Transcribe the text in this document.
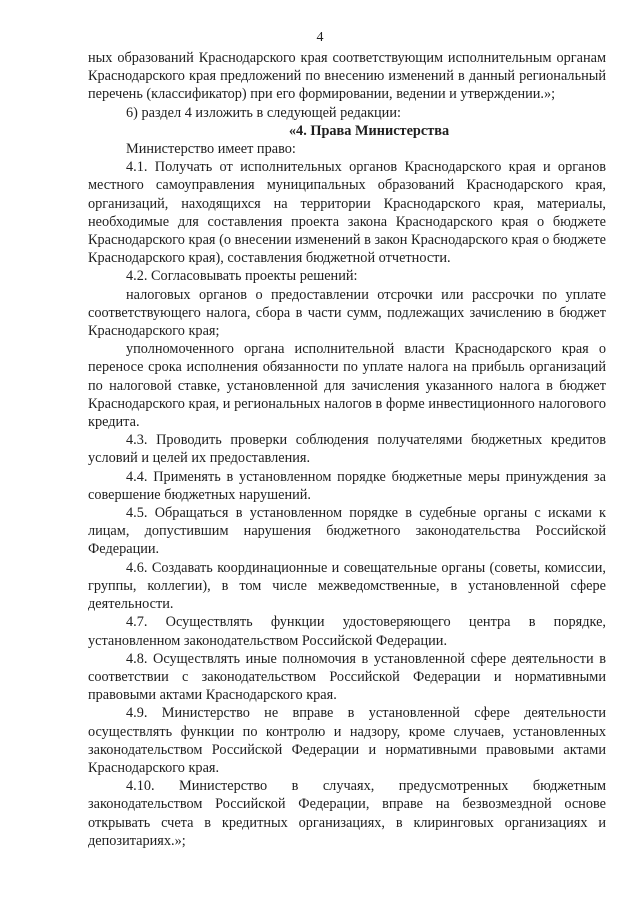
4

ных образований Краснодарского края соответствующим исполнительным органам Краснодарского края предложений по внесению изменений в данный региональный перечень (классификатор) при его формировании, ведении и утверждении.»;

6) раздел 4 изложить в следующей редакции:

«4. Права Министерства

Министерство имеет право:

4.1. Получать от исполнительных органов Краснодарского края и органов местного самоуправления муниципальных образований Краснодарского края, организаций, находящихся на территории Краснодарского края, материалы, необходимые для составления проекта закона Краснодарского края о бюджете Краснодарского края (о внесении изменений в закон Краснодарского края о бюджете Краснодарского края), составления бюджетной отчетности.

4.2. Согласовывать проекты решений:

налоговых органов о предоставлении отсрочки или рассрочки по уплате соответствующего налога, сбора в части сумм, подлежащих зачислению в бюджет Краснодарского края;

уполномоченного органа исполнительной власти Краснодарского края о переносе срока исполнения обязанности по уплате налога на прибыль организаций по налоговой ставке, установленной для зачисления указанного налога в бюджет Краснодарского края, и региональных налогов в форме инвестиционного налогового кредита.

4.3. Проводить проверки соблюдения получателями бюджетных кредитов условий и целей их предоставления.

4.4. Применять в установленном порядке бюджетные меры принуждения за совершение бюджетных нарушений.

4.5. Обращаться в установленном порядке в судебные органы с исками к лицам, допустившим нарушения бюджетного законодательства Российской Федерации.

4.6. Создавать координационные и совещательные органы (советы, комиссии, группы, коллегии), в том числе межведомственные, в установленной сфере деятельности.

4.7. Осуществлять функции удостоверяющего центра в порядке, установленном законодательством Российской Федерации.

4.8. Осуществлять иные полномочия в установленной сфере деятельности в соответствии с законодательством Российской Федерации и нормативными правовыми актами Краснодарского края.

4.9. Министерство не вправе в установленной сфере деятельности осуществлять функции по контролю и надзору, кроме случаев, установленных законодательством Российской Федерации и нормативными правовыми актами Краснодарского края.

4.10. Министерство в случаях, предусмотренных бюджетным законодательством Российской Федерации, вправе на безвозмездной основе открывать счета в кредитных организациях, в клиринговых организациях и депозитариях.»;
